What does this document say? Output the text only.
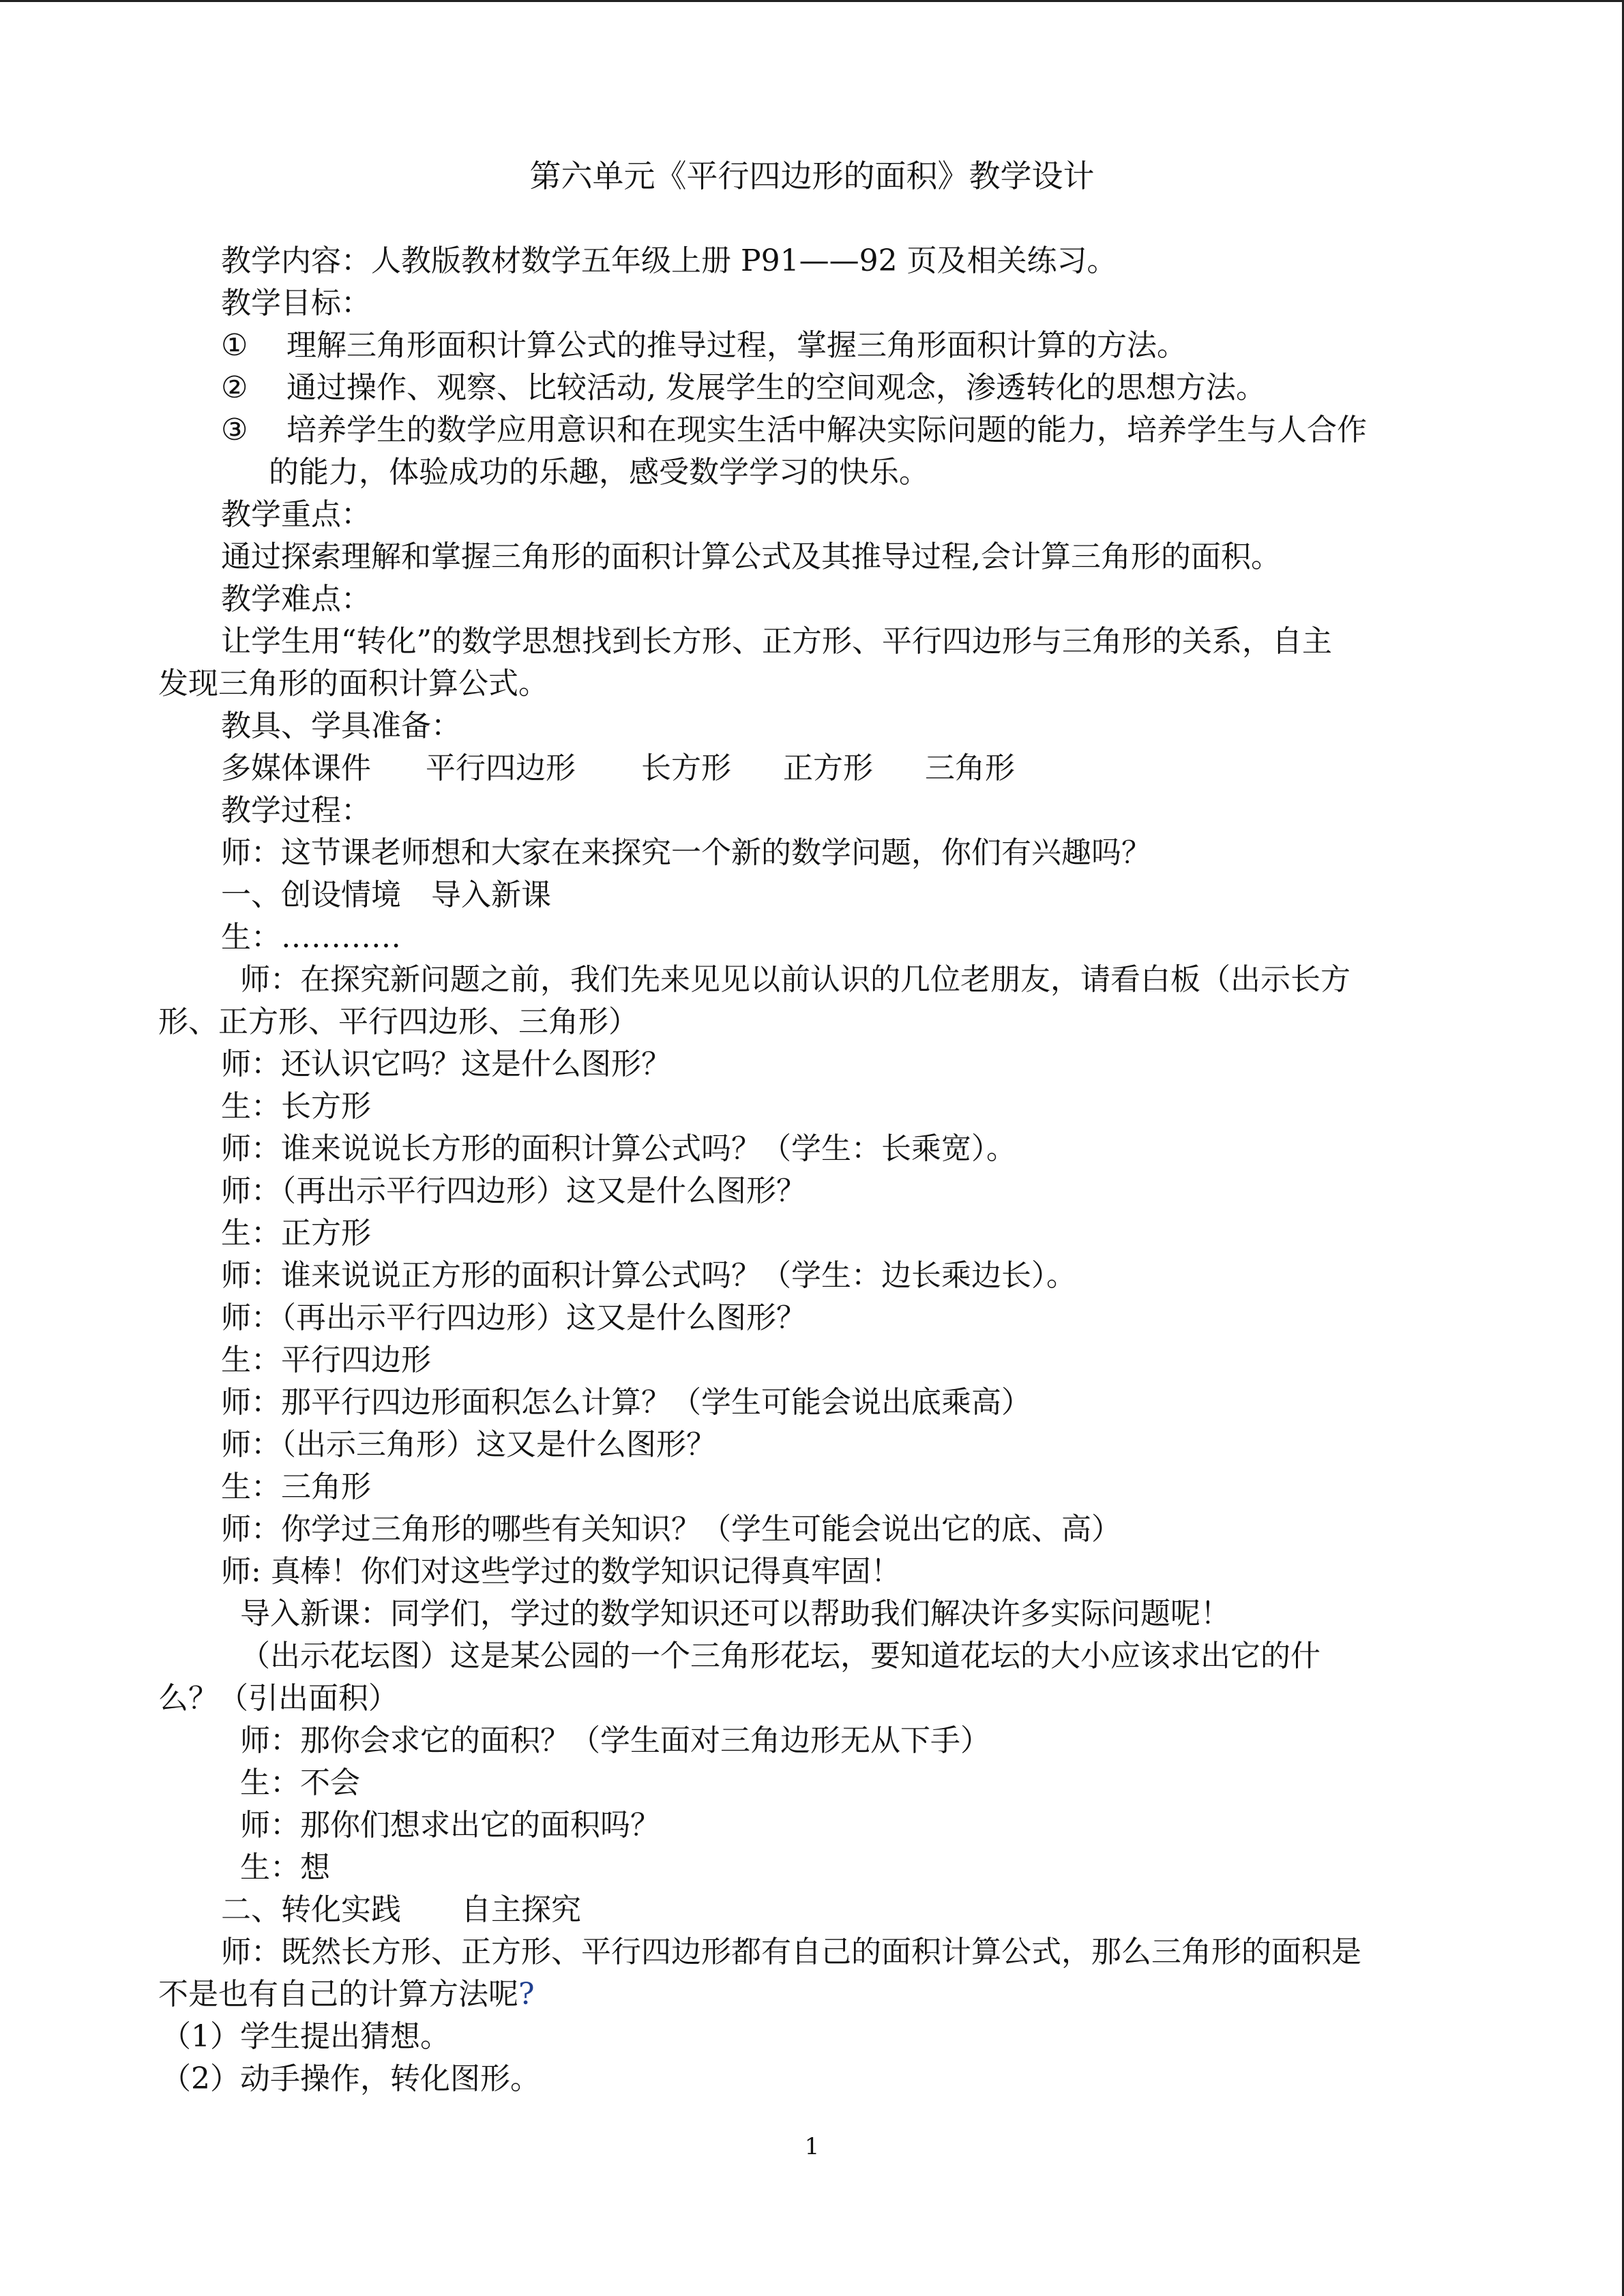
第六单元《平行四边形的面积》教学设计

教学内容：人教版教材数学五年级上册 P91——92 页及相关练习。

教学目标：

① 理解三角形面积计算公式的推导过程，掌握三角形面积计算的方法。

② 通过操作、观察、比较活动, 发展学生的空间观念，渗透转化的思想方法。

③ 培养学生的数学应用意识和在现实生活中解决实际问题的能力，培养学生与人合作

的能力，体验成功的乐趣，感受数学学习的快乐。

教学重点：

通过探索理解和掌握三角形的面积计算公式及其推导过程,会计算三角形的面积。

教学难点：

让学生用“转化”的数学思想找到长方形、正方形、平行四边形与三角形的关系，自主

发现三角形的面积计算公式。

教具、学具准备：

多媒体课件 平行四边形 长方形 正方形 三角形

教学过程：

师：这节课老师想和大家在来探究一个新的数学问题，你们有兴趣吗？

一、创设情境　导入新课

生：…………

师：在探究新问题之前，我们先来见见以前认识的几位老朋友，请看白板（出示长方

形、正方形、平行四边形、三角形）

师：还认识它吗？这是什么图形？

生：长方形

师：谁来说说长方形的面积计算公式吗？（学生：长乘宽）。

师：（再出示平行四边形）这又是什么图形？

生：正方形

师：谁来说说正方形的面积计算公式吗？（学生：边长乘边长）。

师：（再出示平行四边形）这又是什么图形？

生：平行四边形

师：那平行四边形面积怎么计算？（学生可能会说出底乘高）

师：（出示三角形）这又是什么图形？

生：三角形

师：你学过三角形的哪些有关知识？（学生可能会说出它的底、高）

师: 真棒！你们对这些学过的数学知识记得真牢固！

导入新课：同学们，学过的数学知识还可以帮助我们解决许多实际问题呢！

（出示花坛图）这是某公园的一个三角形花坛，要知道花坛的大小应该求出它的什

么？（引出面积）

师：那你会求它的面积？（学生面对三角边形无从下手）

生：不会

师：那你们想求出它的面积吗？

生：想

二、转化实践　　自主探究

师：既然长方形、正方形、平行四边形都有自己的面积计算公式，那么三角形的面积是

不是也有自己的计算方法呢?

（1）学生提出猜想。

（2）动手操作，转化图形。

1
